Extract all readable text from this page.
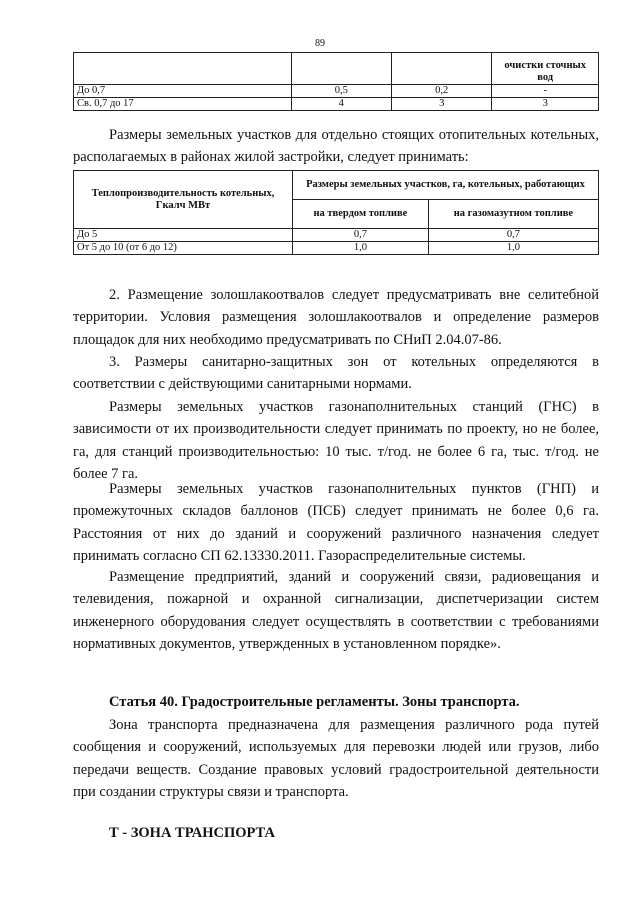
89
			очистки сточных вод
До 0,7	0,5	0,2	-
Св. 0,7 до 17	4	3	3

Размеры земельных участков для отдельно стоящих отопительных котельных, располагаемых в районах жилой застройки, следует принимать:

Теплопроизводительность котельных, Гкалч МВт	Размеры земельных участков, га, котельных, работающих	
	на твердом топливе	на газомазутном топливе
До 5	0,7	0,7
От 5 до 10 (от 6 до 12)	1,0	1,0

2. Размещение золошлакоотвалов следует предусматривать вне селитебной территории. Условия размещения золошлакоотвалов и определение размеров площадок для них необходимо предусматривать по СНиП 2.04.07-86.

3. Размеры санитарно-защитных зон от котельных определяются в соответствии с действующими санитарными нормами.

Размеры земельных участков газонаполнительных станций (ГНС) в зависимости от их производительности следует принимать по проекту, но не более, га, для станций производительностью: 10 тыс. т/год. не более 6 га, тыс. т/год. не более 7 га.

Размеры земельных участков газонаполнительных пунктов (ГНП) и промежуточных складов баллонов (ПСБ) следует принимать не более 0,6 га. Расстояния от них до зданий и сооружений различного назначения следует принимать согласно СП 62.13330.2011. Газораспределительные системы.

Размещение предприятий, зданий и сооружений связи, радиовещания и телевидения, пожарной и охранной сигнализации, диспетчеризации систем инженерного оборудования следует осуществлять в соответствии с требованиями нормативных документов, утвержденных в установленном порядке».

Статья 40. Градостроительные регламенты. Зоны транспорта.

Зона транспорта предназначена для размещения различного рода путей сообщения и сооружений, используемых для перевозки людей или грузов, либо передачи веществ. Создание правовых условий градостроительной деятельности при создании структуры связи и транспорта.

Т - ЗОНА ТРАНСПОРТА
